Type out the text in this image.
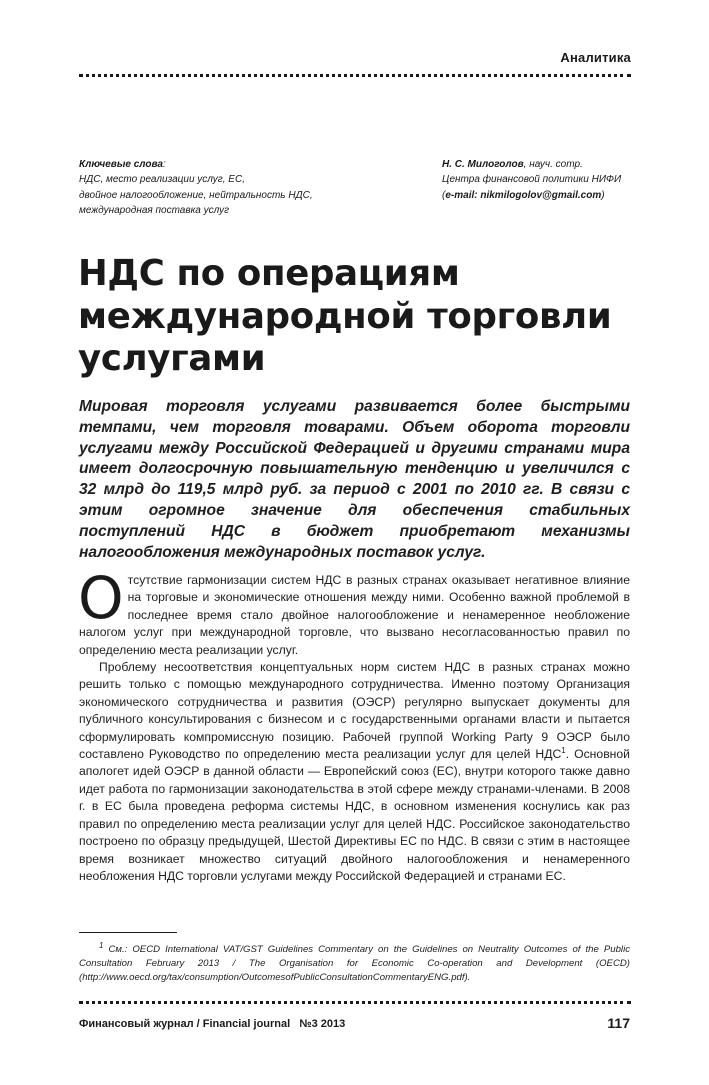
Аналитика

Ключевые слова:

НДС, место реализации услуг, ЕС,

двойное налогообложение, нейтральность НДС,

международная поставка услуг

Н. С. Милоголов, науч. сотр.

Центра финансовой политики НИФИ

(e-mail: nikmilogolov@gmail.com)

НДС по операциям
международной торговли
услугами

Мировая торговля услугами развивается более быстрыми темпами, чем торговля товарами. Объем оборота торговли услугами между Российской Федерацией и другими странами мира имеет долгосрочную повышательную тенденцию и увеличился с 32 млрд до 119,5 млрд руб. за период с 2001 по 2010 гг. В связи с этим огромное значение для обеспечения стабильных поступлений НДС в бюджет приобретают механизмы налогообложения международных поставок услуг.

Отсутствие гармонизации систем НДС в разных странах оказывает негативное влияние на торговые и экономические отношения между ними. Особенно важной проблемой в последнее время стало двойное налогообложение и ненамеренное необложение налогом услуг при международной торговле, что вызвано несогласованностью правил по определению места реализации услуг.

Проблему несоответствия концептуальных норм систем НДС в разных странах можно решить только с помощью международного сотрудничества. Именно поэтому Организация экономического сотрудничества и развития (ОЭСР) регулярно выпускает документы для публичного консультирования с бизнесом и с государственными органами власти и пытается сформулировать компромиссную позицию. Рабочей группой Working Party 9 ОЭСР было составлено Руководство по определению места реализации услуг для целей НДС$^1$. Основной апологет идей ОЭСР в данной области — Европейский союз (ЕС), внутри которого также давно идет работа по гармонизации законодательства в этой сфере между странами-членами. В 2008 г. в ЕС была проведена реформа системы НДС, в основном изменения коснулись как раз правил по определению места реализации услуг для целей НДС. Российское законодательство построено по образцу предыдущей, Шестой Директивы ЕС по НДС. В связи с этим в настоящее время возникает множество ситуаций двойного налогообложения и ненамеренного необложения НДС торговли услугами между Российской Федерацией и странами ЕС.

$^1$ См.: OECD International VAT/GST Guidelines Commentary on the Guidelines on Neutrality Outcomes of the Public Consultation February 2013 / The Organisation for Economic Co-operation and Development (OECD) (http://www.oecd.org/tax/consumption/OutcomesofPublicConsultationCommentaryENG.pdf).

Финансовый журнал / Financial journal   №3 2013	117
